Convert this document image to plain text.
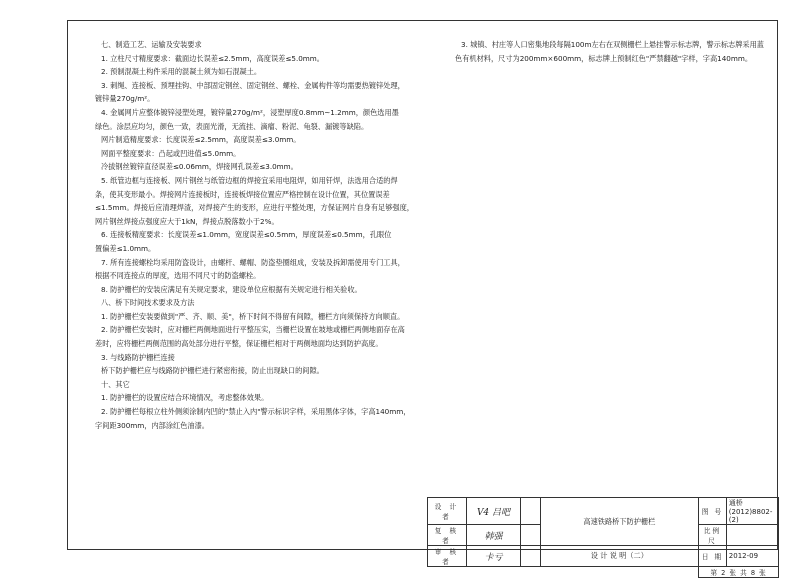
七、制造工艺、运输及安装要求

1. 立柱尺寸精度要求：截面边长误差≤2.5mm，高度误差≤5.0mm。

2. 预制混凝土构件采用的混凝土须为如石混凝土。

3. 刺绳、连接板、预埋挂钩、中部固定钢丝、固定钢丝、螺栓、金属构件等均需要热镀锌处理，

镀锌量270g/m²。

4. 金属网片应整体镀锌浸塑处理，镀锌量270g/m²，浸塑厚度0.8mm~1.2mm，颜色选用墨

绿色。涂层应均匀，颜色一致，表面光滑，无流挂、滴瘤、粉泥、龟裂、漏镀等缺陷。

网片制造精度要求：长度误差≤2.5mm，高度误差≤3.0mm。

网面平整度要求：凸起或凹进值≤5.0mm。

冷拔钢丝镀锌直径误差≤0.06mm，焊接网孔误差≤3.0mm。

5. 纸管边框与连接板、网片钢丝与纸管边框的焊接宜采用电阻焊，如用钎焊，法选用合适的焊

条，使其变形最小。焊接网片连接板时，连接板焊接位置应严格控制在设计位置，其位置误差

≤1.5mm。焊接后应清理焊渣，对焊接产生的变形，应进行平整处理，方保证网片自身有足够强度，

网片钢丝焊接点强度应大于1kN，焊接点脱落数小于2%。

6. 连接板精度要求：长度误差≤1.0mm，宽度误差≤0.5mm，厚度误差≤0.5mm，孔眼位

置偏差≤1.0mm。

7. 所有连接螺栓均采用防盗设计，由螺杆、螺帽、防盗垫圈组成，安装及拆卸需使用专门工具，

根据不同连接点的厚度，选用不同尺寸的防盗螺栓。

8. 防护栅栏的安装应满足有关规定要求，建设单位应根据有关规定进行相关验收。

八、桥下时间技术要求及方法

1. 防护栅栏安装要做到"严、齐、顺、美"，桥下时间不得留有间隙，栅栏方向须保持方向顺直。

2. 防护栅栏安装时，应对栅栏两侧地面进行平整压实，当栅栏设置在坡地或栅栏两侧地面存在高

差时，应将栅栏两侧范围的高处部分进行平整，保证栅栏相对于两侧地面均达到防护高度。

3. 与线路防护栅栏连接

桥下防护栅栏应与线路防护栅栏进行紧密衔接，防止出现缺口的间隙。

十、其它

1. 防护栅栏的设置应结合环境情况，考虑整体效果。

2. 防护栅栏每根立柱外侧须涂制内凹的"禁止入内"警示标识字样，采用黑体字体，字高140mm，

字间距300mm，内部涂红色油漆。

3. 城镇、村庄等人口密集地段每隔100m左右在双侧栅栏上悬挂警示标志牌，警示标志牌采用蓝

色有机材料，尺寸为200mm×600mm，标志牌上预制红色"严禁翻越"字样，字高140mm。

设 计 者	V4 吕吧		高速铁路桥下防护栅栏	图 号	通桥(2012)8802-(2)
复 核 者	韩强			比例尺	
审 核 者	卡亏		设 计 说 明（二）	日 期	2012-09
				第 2 张 共 8 张	
